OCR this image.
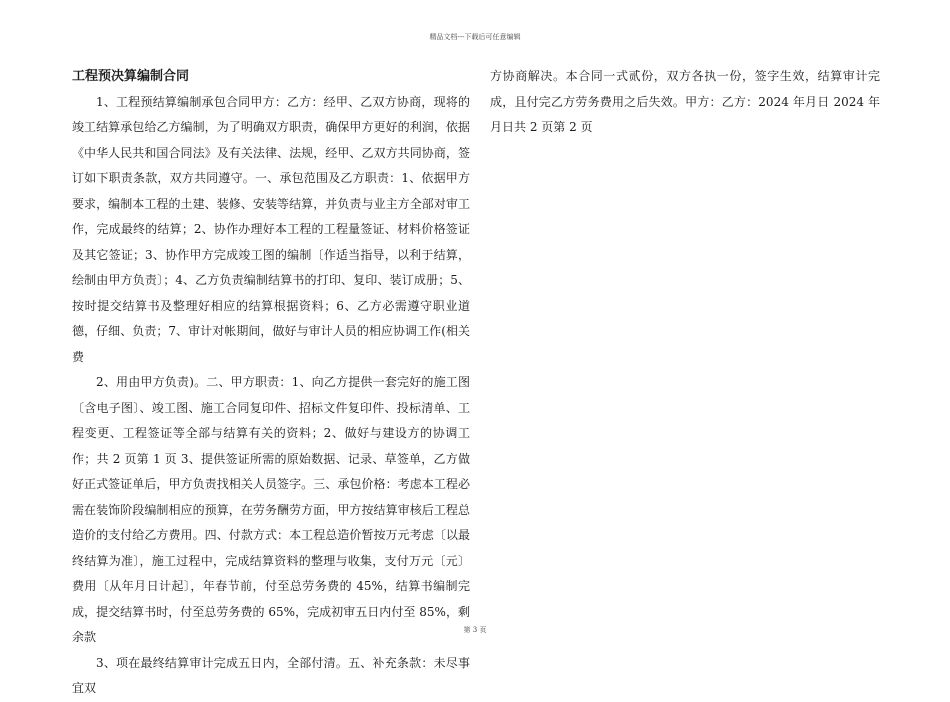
精品文档---下载后可任意编辑

工程预决算编制合同

1、工程预结算编制承包合同甲方：乙方：经甲、乙双方协商，现将的竣工结算承包给乙方编制，为了明确双方职责，确保甲方更好的利润，依据《中华人民共和国合同法》及有关法律、法规，经甲、乙双方共同协商，签订如下职责条款，双方共同遵守。一、承包范围及乙方职责：1、依据甲方要求，编制本工程的土建、装修、安装等结算，并负责与业主方全部对审工作，完成最终的结算；2、协作办理好本工程的工程量签证、材料价格签证及其它签证；3、协作甲方完成竣工图的编制〔作适当指导，以利于结算，绘制由甲方负责〕；4、乙方负责编制结算书的打印、复印、装订成册；5、按时提交结算书及整理好相应的结算根据资料；6、乙方必需遵守职业道德，仔细、负责；7、审计对帐期间，做好与审计人员的相应协调工作(相关费

2、用由甲方负责)。二、甲方职责：1、向乙方提供一套完好的施工图〔含电子图〕、竣工图、施工合同复印件、招标文件复印件、投标清单、工程变更、工程签证等全部与结算有关的资料；2、做好与建设方的协调工作；共 2 页第 1 页 3、提供签证所需的原始数据、记录、草签单，乙方做好正式签证单后，甲方负责找相关人员签字。三、承包价格：考虑本工程必需在装饰阶段编制相应的预算，在劳务酬劳方面，甲方按结算审核后工程总造价的支付给乙方费用。四、付款方式：本工程总造价暂按万元考虑〔以最终结算为准〕，施工过程中，完成结算资料的整理与收集，支付万元〔元〕费用〔从年月日计起〕，年春节前，付至总劳务费的 45%，结算书编制完成，提交结算书时，付至总劳务费的 65%，完成初审五日内付至 85%，剩余款

3、项在最终结算审计完成五日内，全部付清。五、补充条款：未尽事宜双

方协商解决。本合同一式贰份，双方各执一份，签字生效，结算审计完成，且付完乙方劳务费用之后失效。甲方：乙方：2024 年月日 2024 年月日共 2 页第 2 页

第 3 页
